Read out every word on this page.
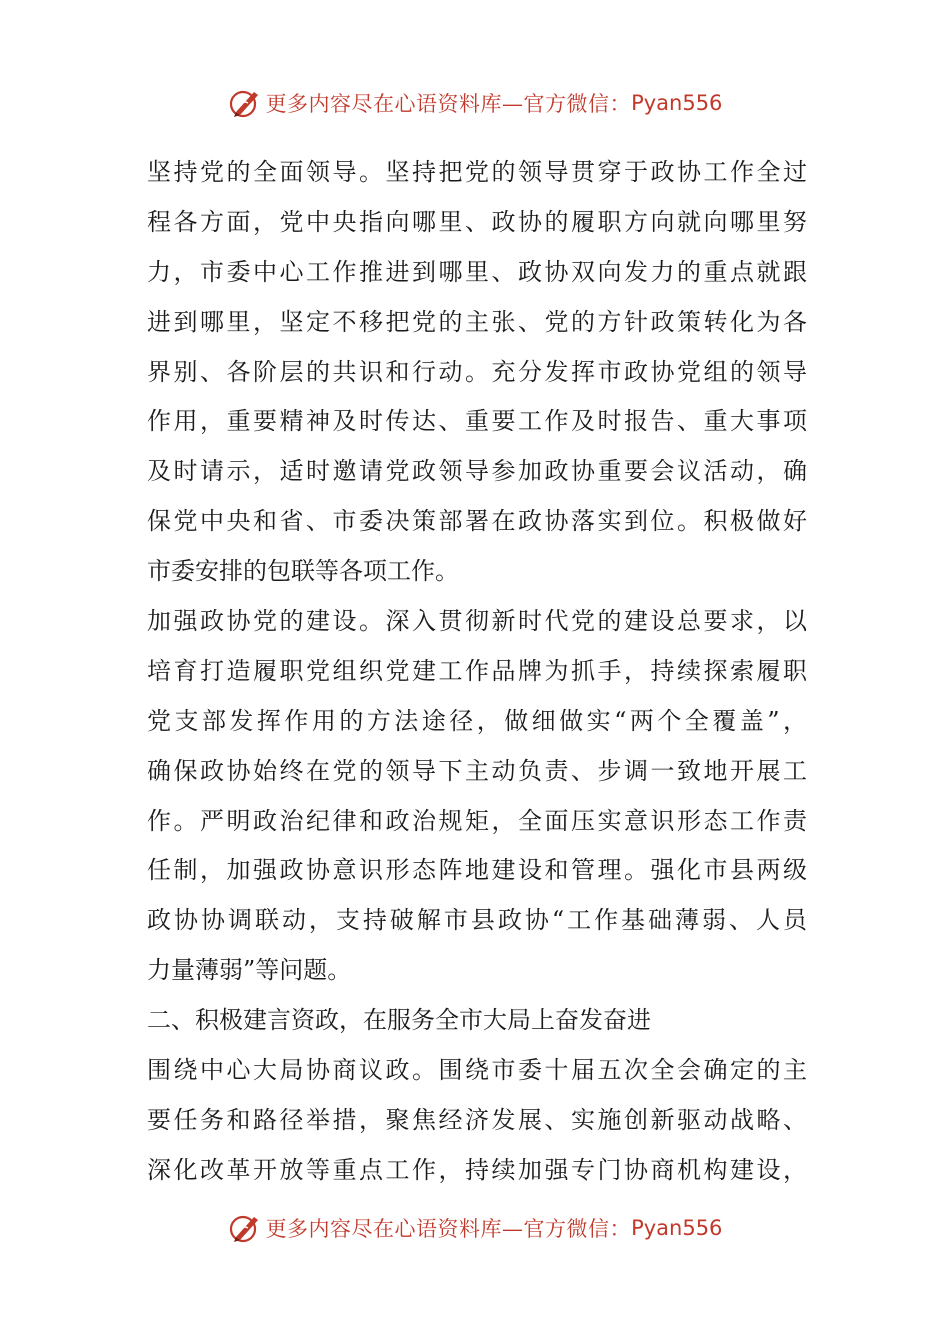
更多内容尽在心语资料库—官方微信： Pyan556
坚持党的全面领导。坚持把党的领导贯穿于政协工作全过
程各方面，党中央指向哪里、政协的履职方向就向哪里努
力，市委中心工作推进到哪里、政协双向发力的重点就跟
进到哪里，坚定不移把党的主张、党的方针政策转化为各
界别、各阶层的共识和行动。充分发挥市政协党组的领导
作用，重要精神及时传达、重要工作及时报告、重大事项
及时请示，适时邀请党政领导参加政协重要会议活动，确
保党中央和省、市委决策部署在政协落实到位。积极做好
市委安排的包联等各项工作。
加强政协党的建设。深入贯彻新时代党的建设总要求，以
培育打造履职党组织党建工作品牌为抓手，持续探索履职
党支部发挥作用的方法途径，做细做实“两个全覆盖”，
确保政协始终在党的领导下主动负责、步调一致地开展工
作。严明政治纪律和政治规矩，全面压实意识形态工作责
任制，加强政协意识形态阵地建设和管理。强化市县两级
政协协调联动，支持破解市县政协“工作基础薄弱、人员
力量薄弱”等问题。
二、积极建言资政，在服务全市大局上奋发奋进
围绕中心大局协商议政。围绕市委十届五次全会确定的主
要任务和路径举措，聚焦经济发展、实施创新驱动战略、
深化改革开放等重点工作，持续加强专门协商机构建设，
更多内容尽在心语资料库—官方微信： Pyan556
